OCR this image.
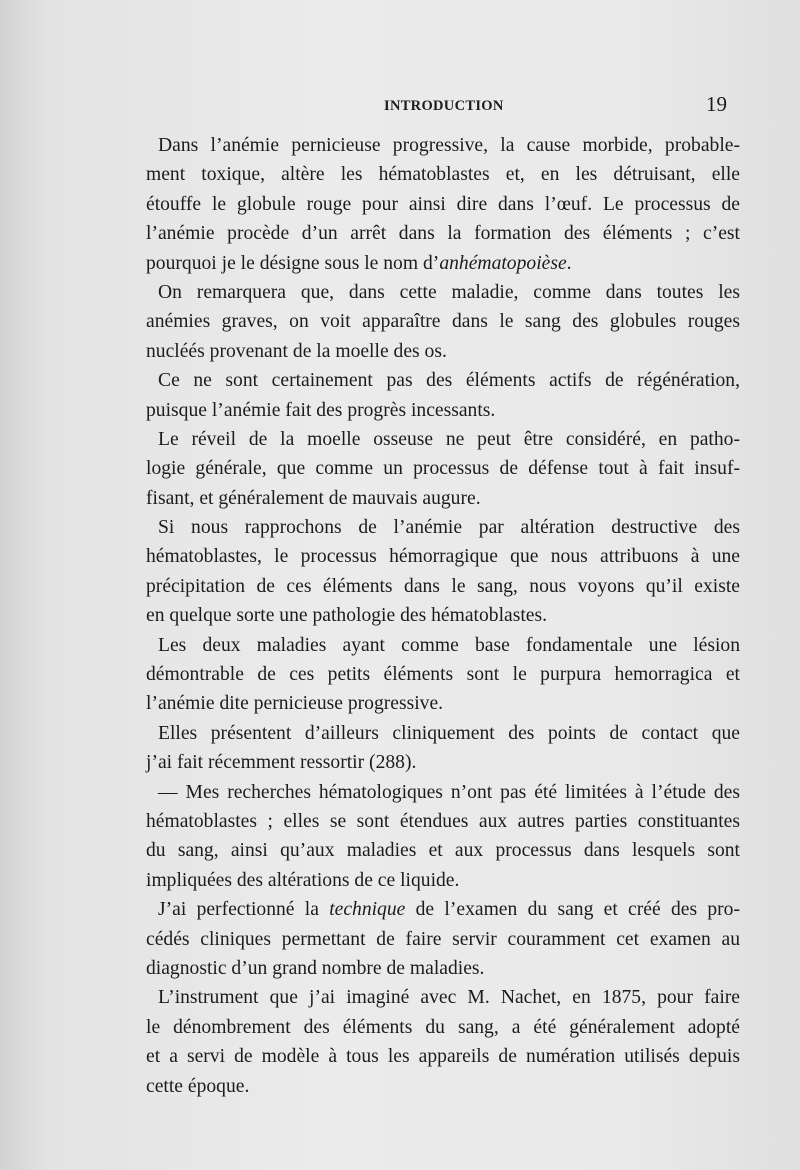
INTRODUCTION	19
Dans l’anémie pernicieuse progressive, la cause morbide, probable-
ment toxique, altère les hématoblastes et, en les détruisant, elle
étouffe le globule rouge pour ainsi dire dans l’œuf. Le processus de
l’anémie procède d’un arrêt dans la formation des éléments ; c’est
pourquoi je le désigne sous le nom d’anhématopoièse.
On remarquera que, dans cette maladie, comme dans toutes les
anémies graves, on voit apparaître dans le sang des globules rouges
nucléés provenant de la moelle des os.
Ce ne sont certainement pas des éléments actifs de régénération,
puisque l’anémie fait des progrès incessants.
Le réveil de la moelle osseuse ne peut être considéré, en patho-
logie générale, que comme un processus de défense tout à fait insuf-
fisant, et généralement de mauvais augure.
Si nous rapprochons de l’anémie par altération destructive des
hématoblastes, le processus hémorragique que nous attribuons à une
précipitation de ces éléments dans le sang, nous voyons qu’il existe
en quelque sorte une pathologie des hématoblastes.
Les deux maladies ayant comme base fondamentale une lésion
démontrable de ces petits éléments sont le purpura hemorragica et
l’anémie dite pernicieuse progressive.
Elles présentent d’ailleurs cliniquement des points de contact que
j’ai fait récemment ressortir (288).
— Mes recherches hématologiques n’ont pas été limitées à l’étude des
hématoblastes ; elles se sont étendues aux autres parties constituantes
du sang, ainsi qu’aux maladies et aux processus dans lesquels sont
impliquées des altérations de ce liquide.
J’ai perfectionné la technique de l’examen du sang et créé des pro-
cédés cliniques permettant de faire servir couramment cet examen au
diagnostic d’un grand nombre de maladies.
L’instrument que j’ai imaginé avec M. Nachet, en 1875, pour faire
le dénombrement des éléments du sang, a été généralement adopté
et a servi de modèle à tous les appareils de numération utilisés depuis
cette époque.
